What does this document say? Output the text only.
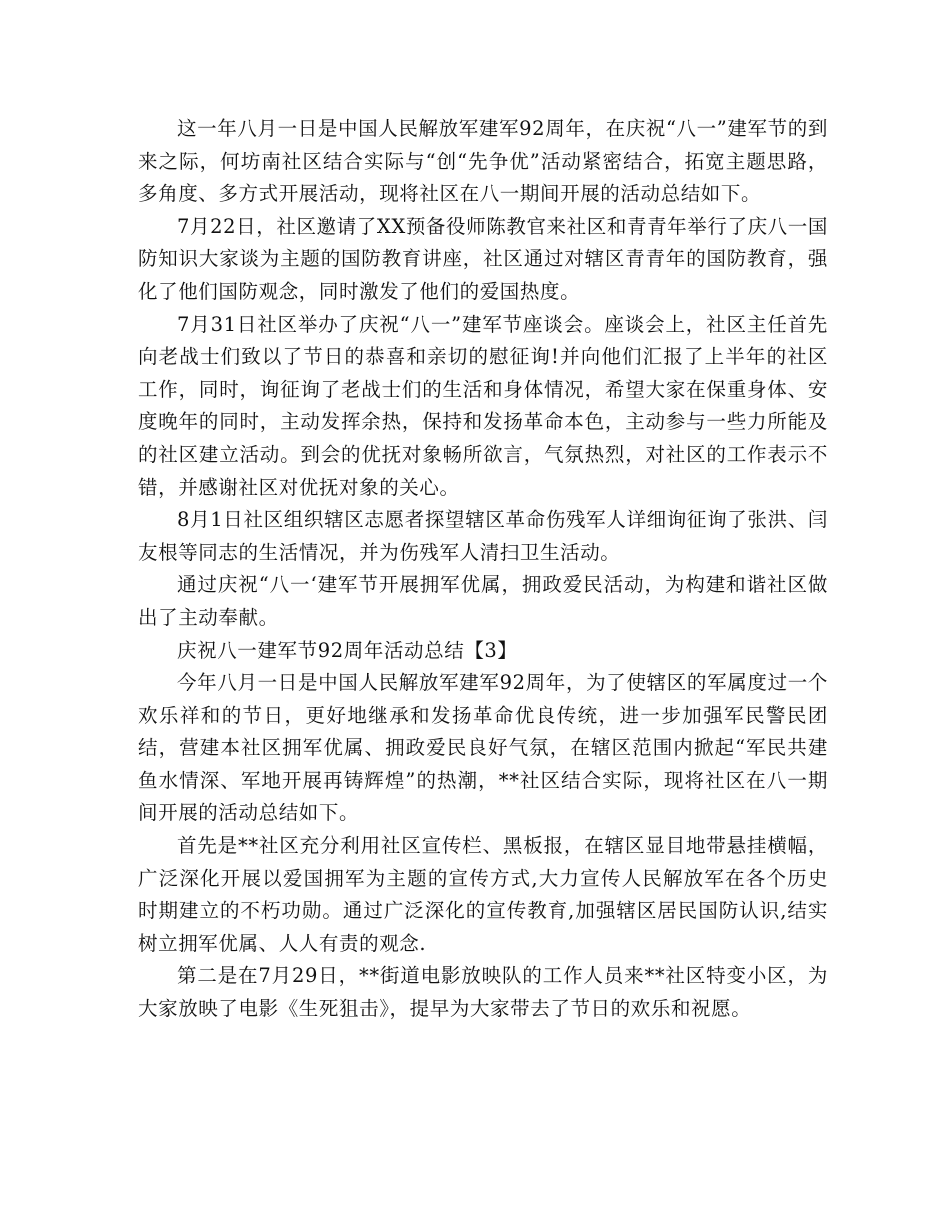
这一年八月一日是中国人民解放军建军92周年，在庆祝“八一”建军节的到来之际，何坊南社区结合实际与“创“先争优”活动紧密结合，拓宽主题思路，多角度、多方式开展活动，现将社区在八一期间开展的活动总结如下。

7月22日，社区邀请了XX预备役师陈教官来社区和青青年举行了庆八一国防知识大家谈为主题的国防教育讲座，社区通过对辖区青青年的国防教育，强化了他们国防观念，同时激发了他们的爱国热度。

7月31日社区举办了庆祝“八一”建军节座谈会。座谈会上，社区主任首先向老战士们致以了节日的恭喜和亲切的慰征询!并向他们汇报了上半年的社区工作，同时，询征询了老战士们的生活和身体情况，希望大家在保重身体、安度晚年的同时，主动发挥余热，保持和发扬革命本色，主动参与一些力所能及的社区建立活动。到会的优抚对象畅所欲言，气氛热烈，对社区的工作表示不错，并感谢社区对优抚对象的关心。

8月1日社区组织辖区志愿者探望辖区革命伤残军人详细询征询了张洪、闫友根等同志的生活情况，并为伤残军人清扫卫生活动。

通过庆祝“八一‘建军节开展拥军优属，拥政爱民活动，为构建和谐社区做出了主动奉献。

庆祝八一建军节92周年活动总结【3】

今年八月一日是中国人民解放军建军92周年，为了使辖区的军属度过一个欢乐祥和的节日，更好地继承和发扬革命优良传统，进一步加强军民警民团结，营建本社区拥军优属、拥政爱民良好气氛，在辖区范围内掀起“军民共建鱼水情深、军地开展再铸辉煌”的热潮，**社区结合实际，现将社区在八一期间开展的活动总结如下。

首先是**社区充分利用社区宣传栏、黑板报，在辖区显目地带悬挂横幅，广泛深化开展以爱国拥军为主题的宣传方式,大力宣传人民解放军在各个历史时期建立的不朽功勋。通过广泛深化的宣传教育,加强辖区居民国防认识,结实树立拥军优属、人人有责的观念.

第二是在7月29日，**街道电影放映队的工作人员来**社区特变小区，为大家放映了电影《生死狙击》，提早为大家带去了节日的欢乐和祝愿。
